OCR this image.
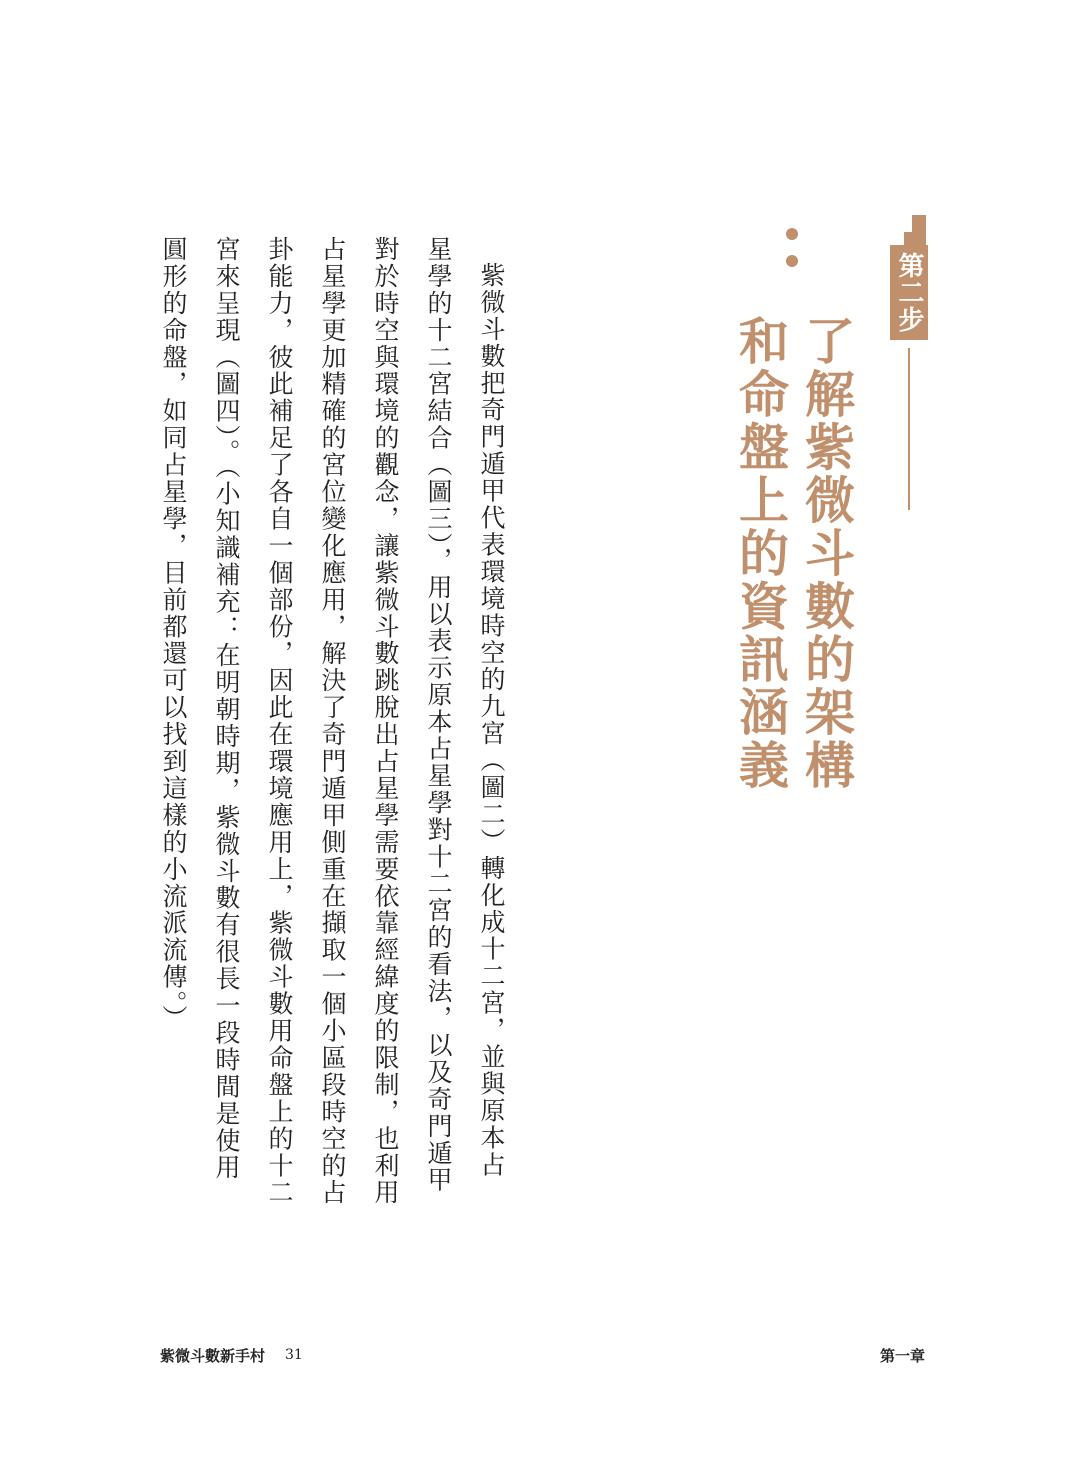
第二步
了解紫微斗數的架構
和命盤上的資訊涵義
紫微斗數把奇門遁甲代表環境時空的九宮（圖二）轉化成十二宮，並與原本占
星學的十二宮結合（圖三），用以表示原本占星學對十二宮的看法，以及奇門遁甲
對於時空與環境的觀念，讓紫微斗數跳脫出占星學需要依靠經緯度的限制，也利用
占星學更加精確的宮位變化應用，解決了奇門遁甲側重在擷取一個小區段時空的占
卦能力，彼此補足了各自一個部份，因此在環境應用上，紫微斗數用命盤上的十二
宮來呈現（圖四）。（小知識補充：在明朝時期，紫微斗數有很長一段時間是使用
圓形的命盤，如同占星學，目前都還可以找到這樣的小流派流傳。）
紫微斗數新手村 31	第一章
